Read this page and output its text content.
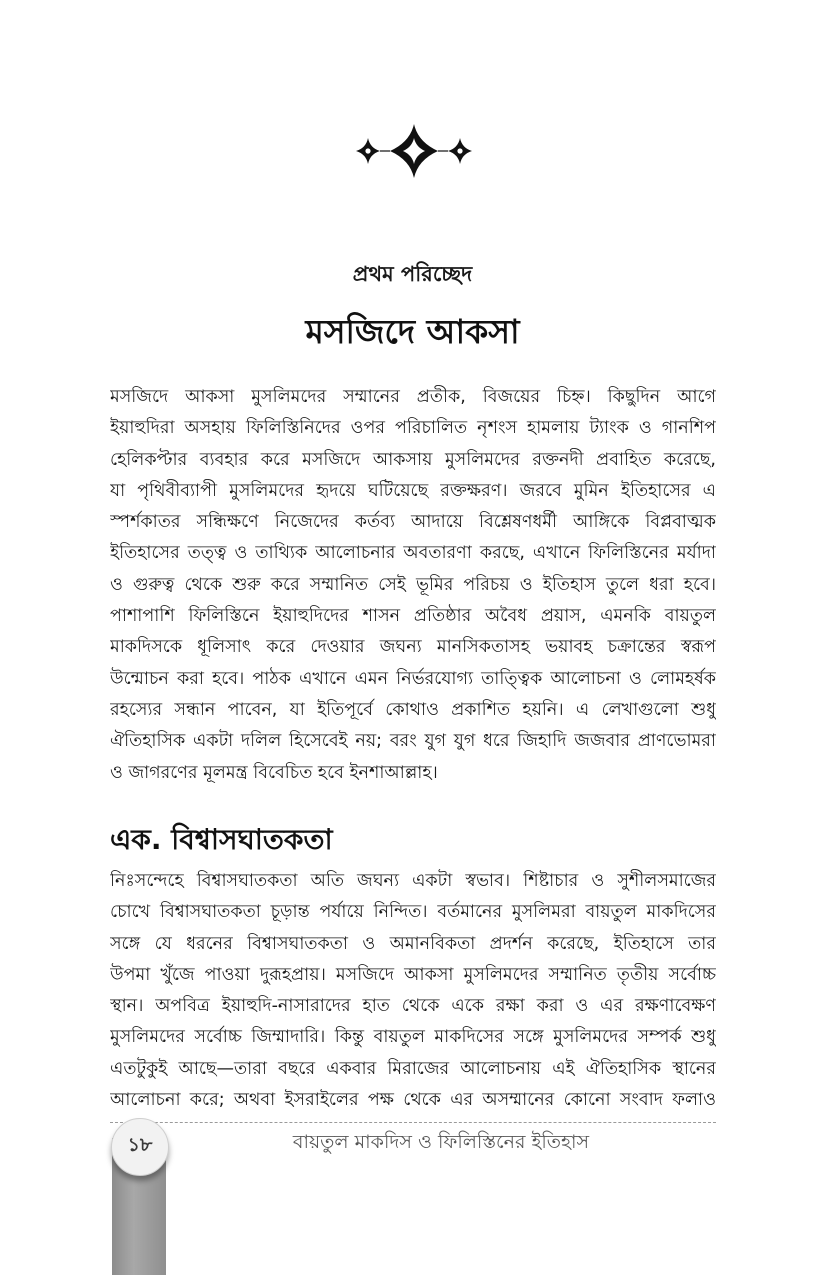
প্রথম পরিচ্ছেদ
মসজিদে আকসা
মসজিদে আকসা মুসলিমদের সম্মানের প্রতীক, বিজয়ের চিহ্ন। কিছুদিন আগে
ইয়াহুদিরা অসহায় ফিলিস্তিনিদের ওপর পরিচালিত নৃশংস হামলায় ট্যাংক ও গানশিপ
হেলিকপ্টার ব্যবহার করে মসজিদে আকসায় মুসলিমদের রক্তনদী প্রবাহিত করেছে,
যা পৃথিবীব্যাপী মুসলিমদের হৃদয়ে ঘটিয়েছে রক্তক্ষরণ। জরবে মুমিন ইতিহাসের এ
স্পর্শকাতর সন্ধিক্ষণে নিজেদের কর্তব্য আদায়ে বিশ্লেষণধর্মী আঙ্গিকে বিপ্লবাত্মক
ইতিহাসের তত্ত্ব ও তাথ্যিক আলোচনার অবতারণা করছে, এখানে ফিলিস্তিনের মর্যাদা
ও গুরুত্ব থেকে শুরু করে সম্মানিত সেই ভূমির পরিচয় ও ইতিহাস তুলে ধরা হবে।
পাশাপাশি ফিলিস্তিনে ইয়াহুদিদের শাসন প্রতিষ্ঠার অবৈধ প্রয়াস, এমনকি বায়তুল
মাকদিসকে ধূলিসাৎ করে দেওয়ার জঘন্য মানসিকতাসহ ভয়াবহ চক্রান্তের স্বরূপ
উন্মোচন করা হবে। পাঠক এখানে এমন নির্ভরযোগ্য তাত্ত্বিক আলোচনা ও লোমহর্ষক
রহস্যের সন্ধান পাবেন, যা ইতিপূর্বে কোথাও প্রকাশিত হয়নি। এ লেখাগুলো শুধু
ঐতিহাসিক একটা দলিল হিসেবেই নয়; বরং যুগ যুগ ধরে জিহাদি জজবার প্রাণভোমরা
ও জাগরণের মূলমন্ত্র বিবেচিত হবে ইনশাআল্লাহ।
এক. বিশ্বাসঘাতকতা
নিঃসন্দেহে বিশ্বাসঘাতকতা অতি জঘন্য একটা স্বভাব। শিষ্টাচার ও সুশীলসমাজের
চোখে বিশ্বাসঘাতকতা চূড়ান্ত পর্যায়ে নিন্দিত। বর্তমানের মুসলিমরা বায়তুল মাকদিসের
সঙ্গে যে ধরনের বিশ্বাসঘাতকতা ও অমানবিকতা প্রদর্শন করেছে, ইতিহাসে তার
উপমা খুঁজে পাওয়া দুরূহপ্রায়। মসজিদে আকসা মুসলিমদের সম্মানিত তৃতীয় সর্বোচ্চ
স্থান। অপবিত্র ইয়াহুদি-নাসারাদের হাত থেকে একে রক্ষা করা ও এর রক্ষণাবেক্ষণ
মুসলিমদের সর্বোচ্চ জিম্মাদারি। কিন্তু বায়তুল মাকদিসের সঙ্গে মুসলিমদের সম্পর্ক শুধু
এতটুকুই আছে—তারা বছরে একবার মিরাজের আলোচনায় এই ঐতিহাসিক স্থানের
আলোচনা করে; অথবা ইসরাইলের পক্ষ থেকে এর অসম্মানের কোনো সংবাদ ফলাও
১৮	বায়তুল মাকদিস ও ফিলিস্তিনের ইতিহাস
